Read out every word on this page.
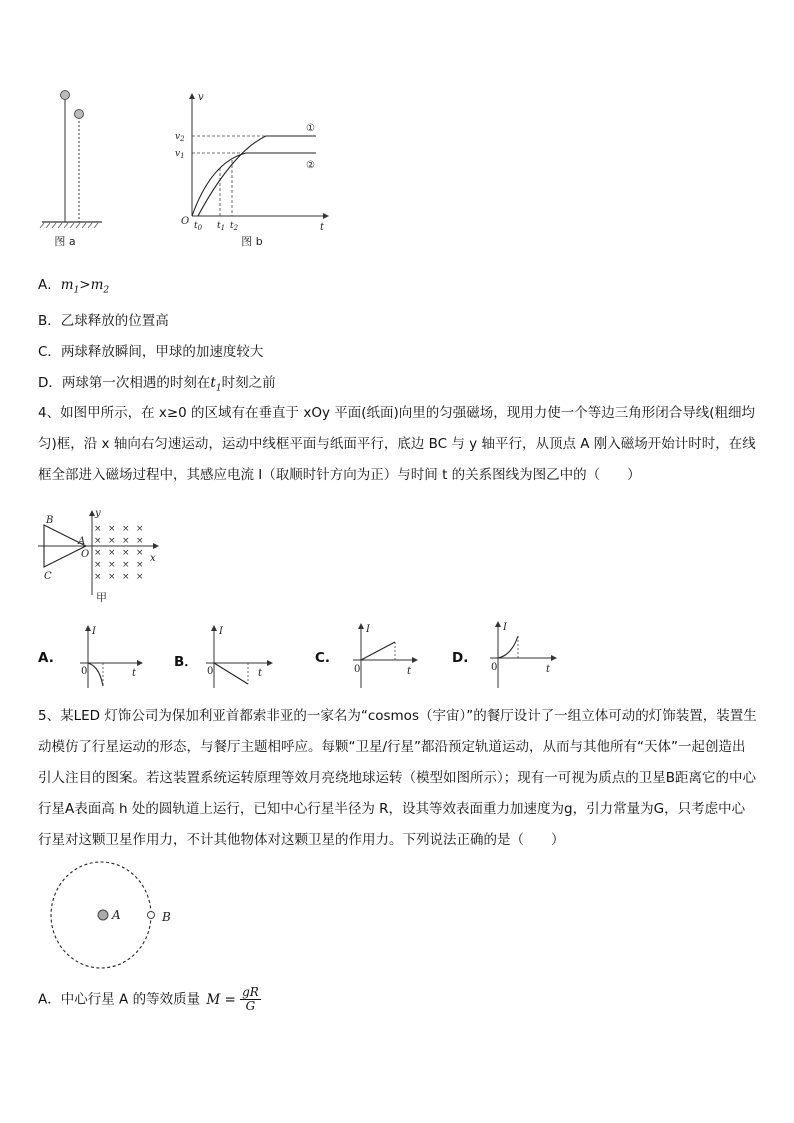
图 a
v
t
O
$v_2$
$v_1$
$t_0$ $t_1$ $t_2$
①
②
图 b
A．$m_1>m_2$
B．乙球释放的位置高
C．两球释放瞬间，甲球的加速度较大
D．两球第一次相遇的时刻在$t_1$时刻之前
4、如图甲所示，在 x≥0 的区域有在垂直于 xOy 平面(纸面)向里的匀强磁场，现用力使一个等边三角形闭合导线(粗细均匀)框，沿 x 轴向右匀速运动，运动中线框平面与纸面平行，底边 BC 与 y 轴平行，从顶点 A 刚入磁场开始计时时，在线框全部进入磁场过程中，其感应电流 I（取顺时针方向为正）与时间 t 的关系图线为图乙中的（　　）
B
A
C
O
y
x
× × × ×
× × × ×
× × × ×
× × × ×
× × × ×
甲
A.
I
t
0
B．
I
t
0
C.
I
t
0
D.
I
t
0
5、某LED 灯饰公司为保加利亚首都索非亚的一家名为“cosmos（宇宙）”的餐厅设计了一组立体可动的灯饰装置，装置生动模仿了行星运动的形态，与餐厅主题相呼应。每颗“卫星/行星”都沿预定轨道运动，从而与其他所有“天体”一起创造出引人注目的图案。若这装置系统运转原理等效月亮绕地球运转（模型如图所示）；现有一可视为质点的卫星B距离它的中心行星A表面高 h 处的圆轨道上运行，已知中心行星半径为 R，设其等效表面重力加速度为g，引力常量为G，只考虑中心行星对这颗卫星作用力，不计其他物体对这颗卫星的作用力。下列说法正确的是（　　）
A	B
A．中心行星 A 的等效质量 $M = \frac{gR}{G}$
